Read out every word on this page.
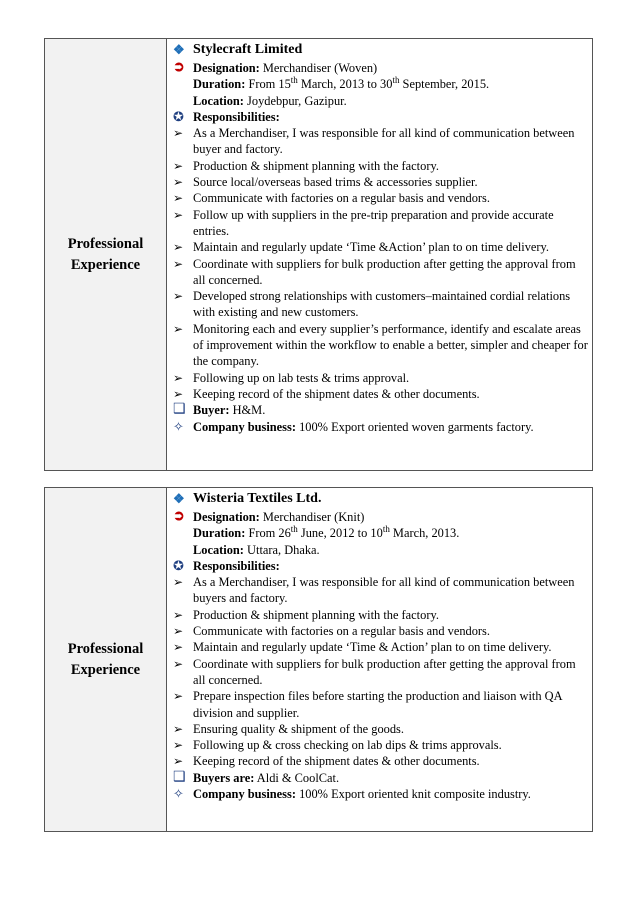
Professional
Experience
❖ Stylecraft Limited
➲ Designation: Merchandiser (Woven)
Duration: From 15th March, 2013 to 30th September, 2015.
Location: Joydebpur, Gazipur.
✪ Responsibilities:
➢ As a Merchandiser, I was responsible for all kind of communication between buyer and factory.
➢ Production & shipment planning with the factory.
➢ Source local/overseas based trims & accessories supplier.
➢ Communicate with factories on a regular basis and vendors.
➢ Follow up with suppliers in the pre-trip preparation and provide accurate entries.
➢ Maintain and regularly update ‘Time &Action’ plan to on time delivery.
➢ Coordinate with suppliers for bulk production after getting the approval from all concerned.
➢ Developed strong relationships with customers–maintained cordial relations with existing and new customers.
➢ Monitoring each and every supplier’s performance, identify and escalate areas of improvement within the workflow to enable a better, simpler and cheaper for the company.
➢ Following up on lab tests & trims approval.
➢ Keeping record of the shipment dates & other documents.
❑ Buyer: H&M.
✧ Company business: 100% Export oriented woven garments factory.
Professional
Experience
❖ Wisteria Textiles Ltd.
➲ Designation: Merchandiser (Knit)
Duration: From 26th June, 2012 to 10th March, 2013.
Location: Uttara, Dhaka.
✪ Responsibilities:
➢ As a Merchandiser, I was responsible for all kind of communication between buyers and factory.
➢ Production & shipment planning with the factory.
➢ Communicate with factories on a regular basis and vendors.
➢ Maintain and regularly update ‘Time & Action’ plan to on time delivery.
➢ Coordinate with suppliers for bulk production after getting the approval from all concerned.
➢ Prepare inspection files before starting the production and liaison with QA division and supplier.
➢ Ensuring quality & shipment of the goods.
➢ Following up & cross checking on lab dips & trims approvals.
➢ Keeping record of the shipment dates & other documents.
❑ Buyers are: Aldi & CoolCat.
✧ Company business: 100% Export oriented knit composite industry.
